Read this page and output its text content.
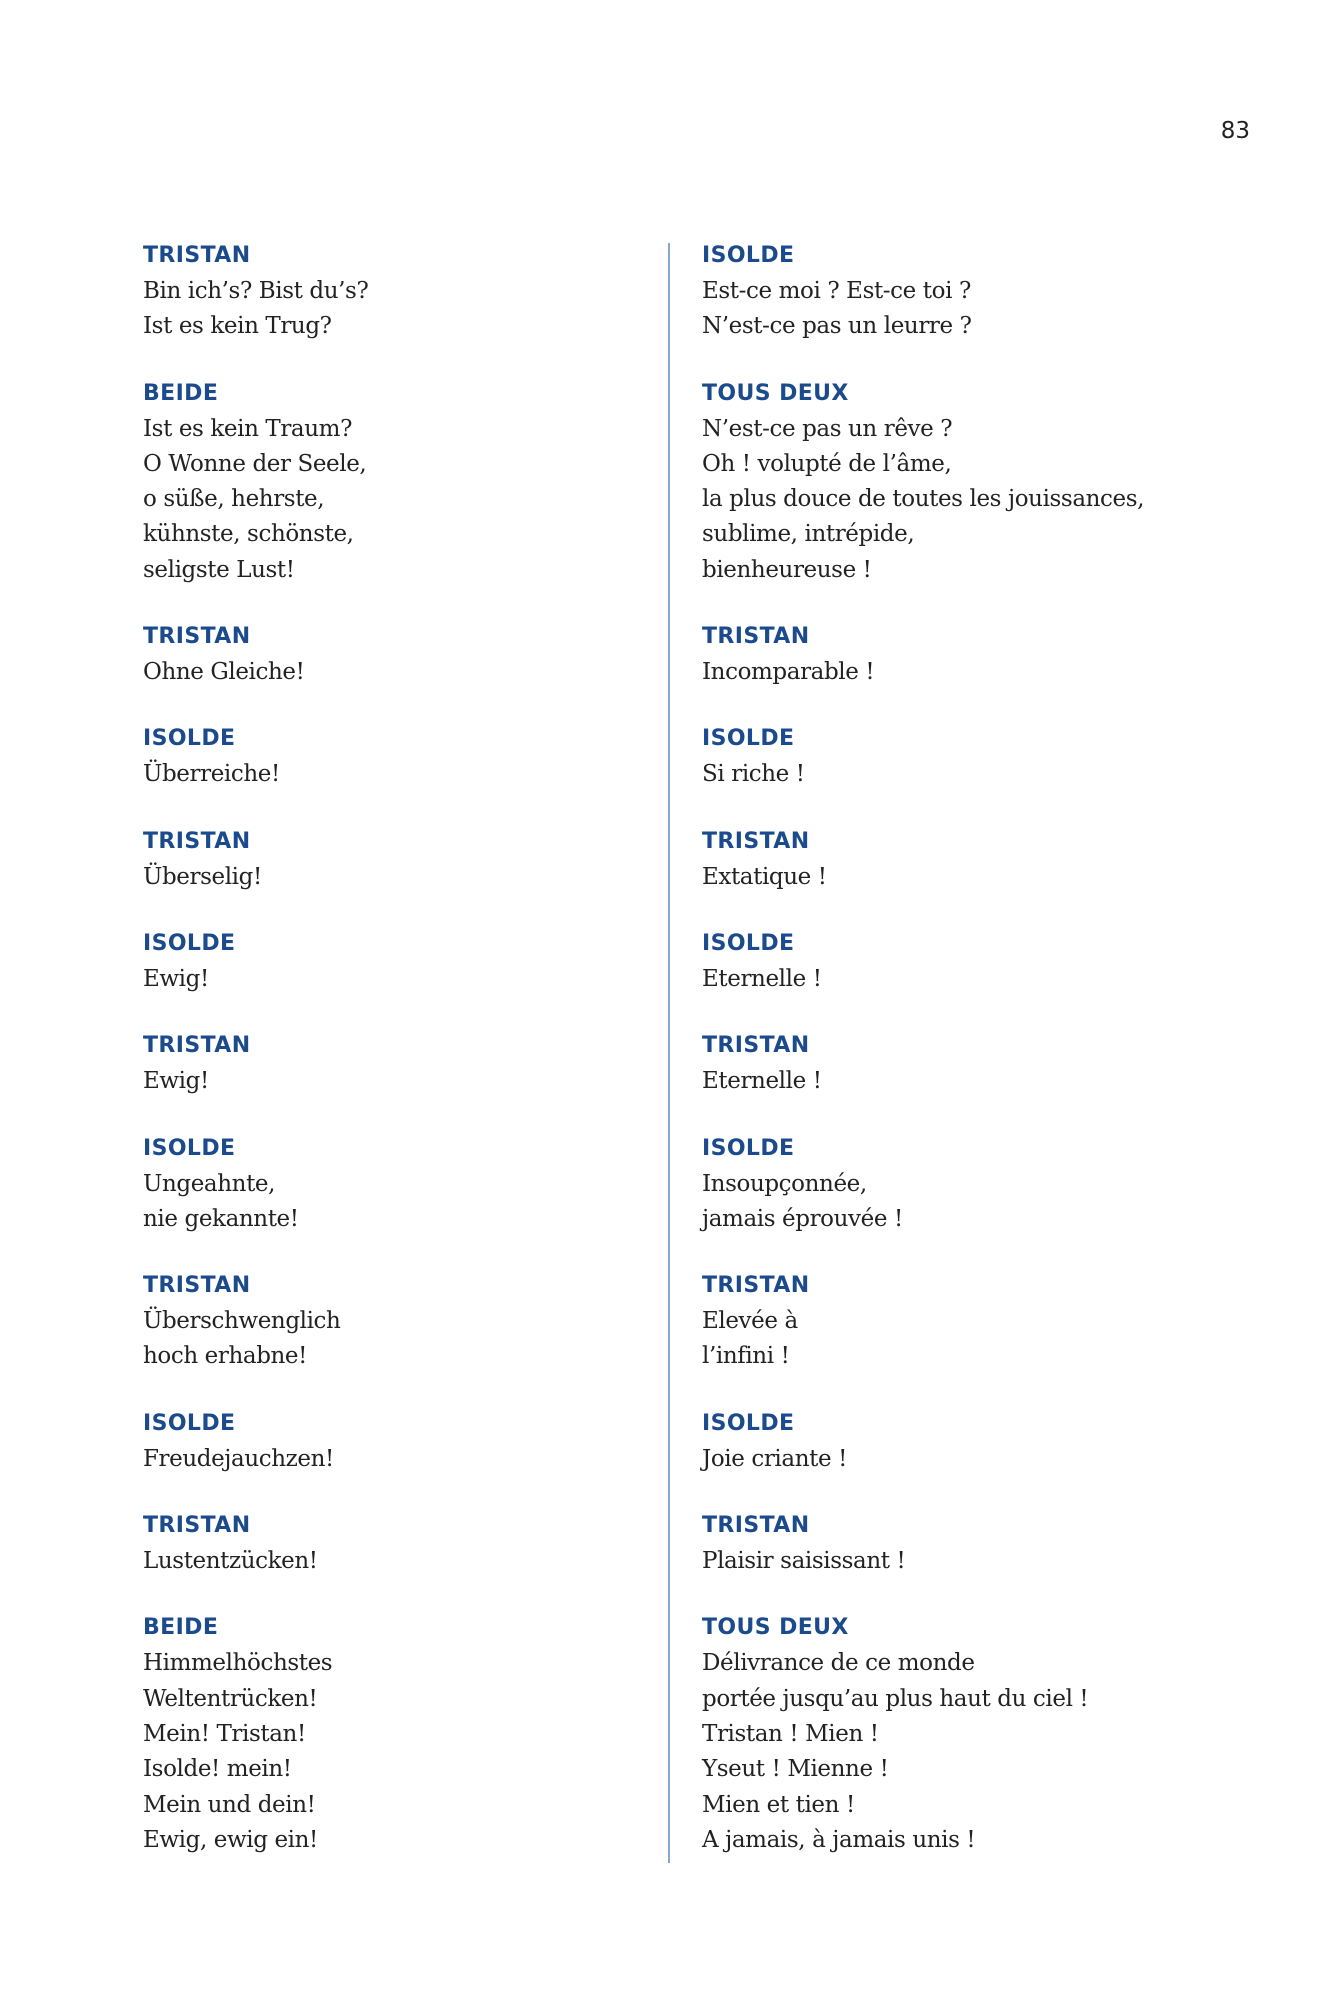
83
TRISTAN
Bin ich’s? Bist du’s?
Ist es kein Trug?
BEIDE
Ist es kein Traum?
O Wonne der Seele,
o süße, hehrste,
kühnste, schönste,
seligste Lust!
TRISTAN
Ohne Gleiche!
ISOLDE
Überreiche!
TRISTAN
Überselig!
ISOLDE
Ewig!
TRISTAN
Ewig!
ISOLDE
Ungeahnte,
nie gekannte!
TRISTAN
Überschwenglich
hoch erhabne!
ISOLDE
Freudejauchzen!
TRISTAN
Lustentzücken!
BEIDE
Himmelhöchstes
Weltentrücken!
Mein! Tristan!
Isolde! mein!
Mein und dein!
Ewig, ewig ein!
ISOLDE
Est-ce moi ? Est-ce toi ?
N’est-ce pas un leurre ?
TOUS DEUX
N’est-ce pas un rêve ?
Oh ! volupté de l’âme,
la plus douce de toutes les jouissances,
sublime, intrépide,
bienheureuse !
TRISTAN
Incomparable !
ISOLDE
Si riche !
TRISTAN
Extatique !
ISOLDE
Eternelle !
TRISTAN
Eternelle !
ISOLDE
Insoupçonnée,
jamais éprouvée !
TRISTAN
Elevée à
l’infini !
ISOLDE
Joie criante !
TRISTAN
Plaisir saisissant !
TOUS DEUX
Délivrance de ce monde
portée jusqu’au plus haut du ciel !
Tristan ! Mien !
Yseut ! Mienne !
Mien et tien !
A jamais, à jamais unis !
